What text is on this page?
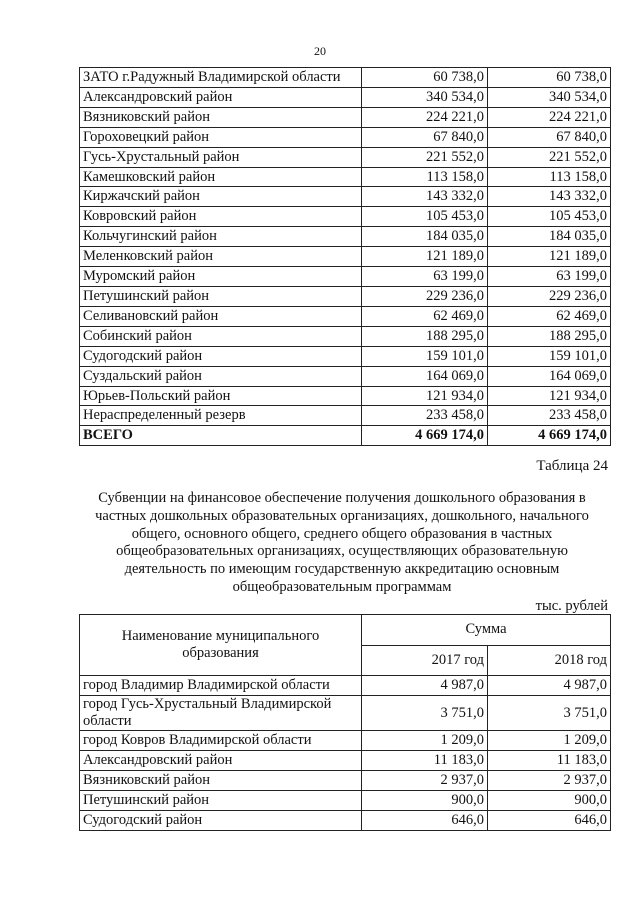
20
ЗАТО г.Радужный Владимирской области	60 738,0	60 738,0
Александровский район	340 534,0	340 534,0
Вязниковский район	224 221,0	224 221,0
Гороховецкий район	67 840,0	67 840,0
Гусь-Хрустальный район	221 552,0	221 552,0
Камешковский район	113 158,0	113 158,0
Киржачский район	143 332,0	143 332,0
Ковровский район	105 453,0	105 453,0
Кольчугинский район	184 035,0	184 035,0
Меленковский район	121 189,0	121 189,0
Муромский район	63 199,0	63 199,0
Петушинский район	229 236,0	229 236,0
Селивановский район	62 469,0	62 469,0
Собинский район	188 295,0	188 295,0
Судогодский район	159 101,0	159 101,0
Суздальский район	164 069,0	164 069,0
Юрьев-Польский район	121 934,0	121 934,0
Нераспределенный резерв	233 458,0	233 458,0
ВСЕГО	4 669 174,0	4 669 174,0
Таблица 24
Субвенции на финансовое обеспечение получения дошкольного образования в
частных дошкольных образовательных организациях, дошкольного, начального
общего, основного общего, среднего общего образования в частных
общеобразовательных организациях, осуществляющих образовательную
деятельность по имеющим государственную аккредитацию основным
общеобразовательным программам
тыс. рублей
Наименование муниципального образования	Сумма	
	2017 год	2018 год
город Владимир Владимирской области	4 987,0	4 987,0
город Гусь-Хрустальный Владимирской области	3 751,0	3 751,0
город Ковров Владимирской области	1 209,0	1 209,0
Александровский район	11 183,0	11 183,0
Вязниковский район	2 937,0	2 937,0
Петушинский район	900,0	900,0
Судогодский район	646,0	646,0
